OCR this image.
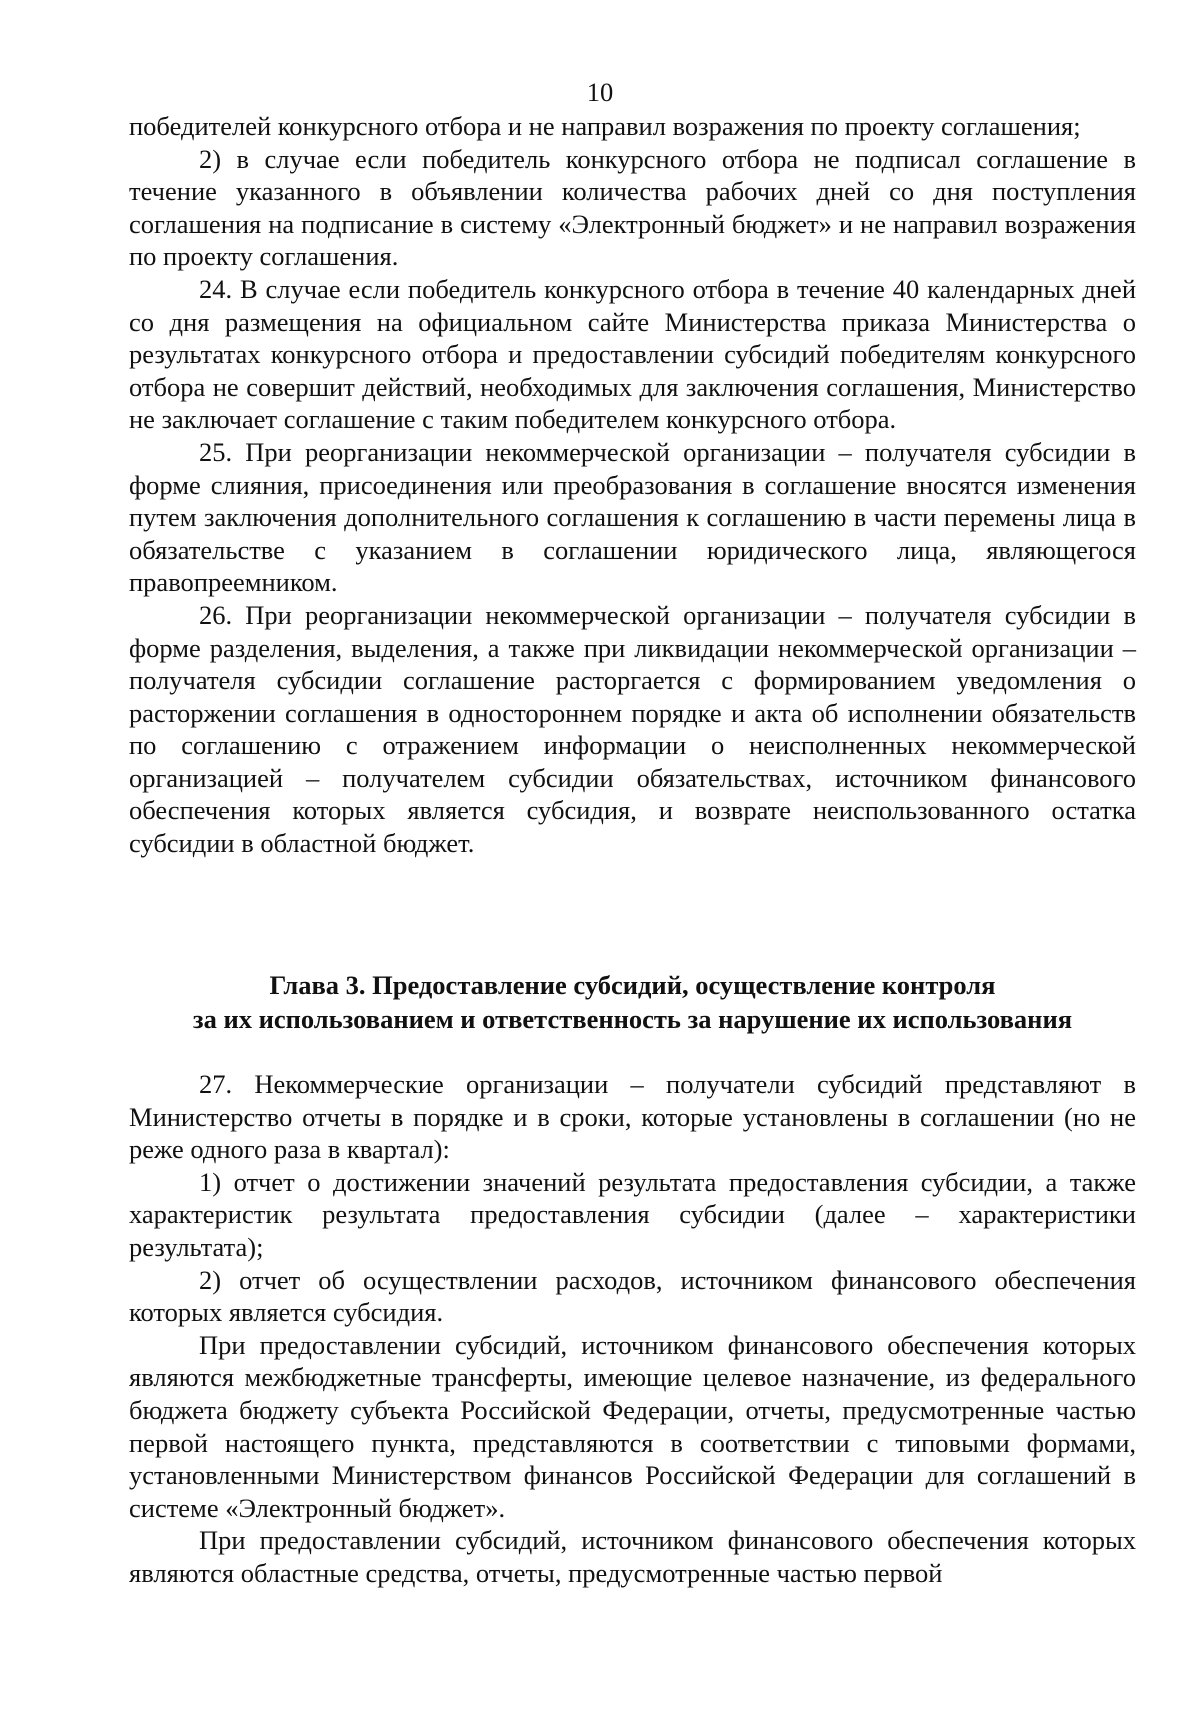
10

победителей конкурсного отбора и не направил возражения по проекту соглашения;

2) в случае если победитель конкурсного отбора не подписал соглашение в течение указанного в объявлении количества рабочих дней со дня поступления соглашения на подписание в систему «Электронный бюджет» и не направил возражения по проекту соглашения.

24. В случае если победитель конкурсного отбора в течение 40 календарных дней со дня размещения на официальном сайте Министерства приказа Министерства о результатах конкурсного отбора и предоставлении субсидий победителям конкурсного отбора не совершит действий, необходимых для заключения соглашения, Министерство не заключает соглашение с таким победителем конкурсного отбора.

25. При реорганизации некоммерческой организации – получателя субсидии в форме слияния, присоединения или преобразования в соглашение вносятся изменения путем заключения дополнительного соглашения к соглашению в части перемены лица в обязательстве с указанием в соглашении юридического лица, являющегося правопреемником.

26. При реорганизации некоммерческой организации – получателя субсидии в форме разделения, выделения, а также при ликвидации некоммерческой организации – получателя субсидии соглашение расторгается с формированием уведомления о расторжении соглашения в одностороннем порядке и акта об исполнении обязательств по соглашению с отражением информации о неисполненных некоммерческой организацией – получателем субсидии обязательствах, источником финансового обеспечения которых является субсидия, и возврате неиспользованного остатка субсидии в областной бюджет.

Глава 3. Предоставление субсидий, осуществление контроля
за их использованием и ответственность за нарушение их использования

27. Некоммерческие организации – получатели субсидий представляют в Министерство отчеты в порядке и в сроки, которые установлены в соглашении (но не реже одного раза в квартал):

1) отчет о достижении значений результата предоставления субсидии, а также характеристик результата предоставления субсидии (далее – характеристики результата);

2) отчет об осуществлении расходов, источником финансового обеспечения которых является субсидия.

При предоставлении субсидий, источником финансового обеспечения которых являются межбюджетные трансферты, имеющие целевое назначение, из федерального бюджета бюджету субъекта Российской Федерации, отчеты, предусмотренные частью первой настоящего пункта, представляются в соответствии с типовыми формами, установленными Министерством финансов Российской Федерации для соглашений в системе «Электронный бюджет».

При предоставлении субсидий, источником финансового обеспечения которых являются областные средства, отчеты, предусмотренные частью первой
